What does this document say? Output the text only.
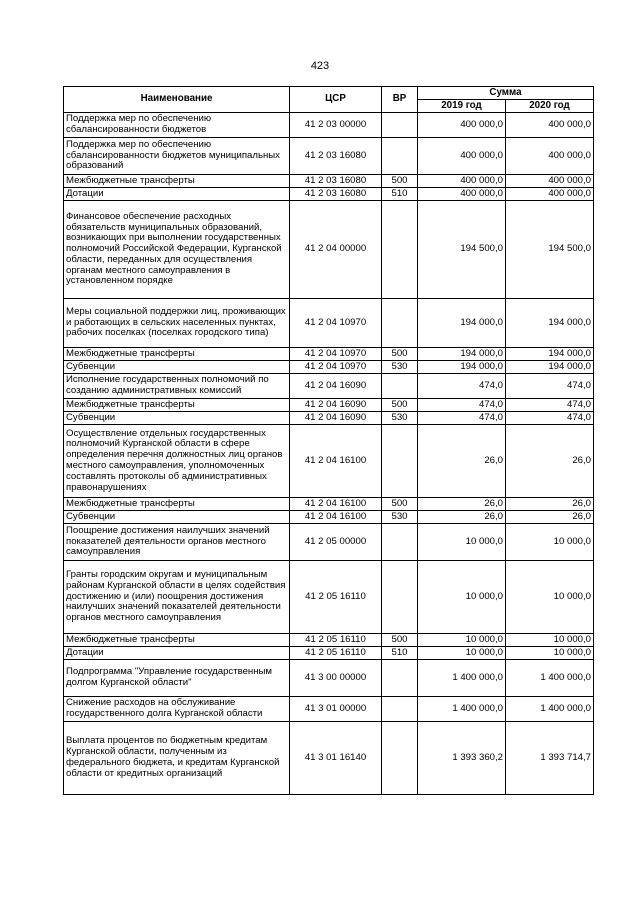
423
Наименование	ЦСР	ВР	Сумма	
			2019 год	2020 год
Поддержка мер по обеспечению сбалансированности бюджетов	41 2 03 00000		400 000,0	400 000,0
Поддержка мер по обеспечению сбалансированности бюджетов муниципальных образований	41 2 03 16080		400 000,0	400 000,0
Межбюджетные трансферты	41 2 03 16080	500	400 000,0	400 000,0
Дотации	41 2 03 16080	510	400 000,0	400 000,0
Финансовое обеспечение расходных обязательств муниципальных образований, возникающих при выполнении государственных полномочий Российской Федерации, Курганской области, переданных для осуществления органам местного самоуправления в установленном порядке	41 2 04 00000		194 500,0	194 500,0
Меры социальной поддержки лиц, проживающих и работающих в сельских населенных пунктах, рабочих поселках (поселках городского типа)	41 2 04 10970		194 000,0	194 000,0
Межбюджетные трансферты	41 2 04 10970	500	194 000,0	194 000,0
Субвенции	41 2 04 10970	530	194 000,0	194 000,0
Исполнение государственных полномочий по созданию административных комиссий	41 2 04 16090		474,0	474,0
Межбюджетные трансферты	41 2 04 16090	500	474,0	474,0
Субвенции	41 2 04 16090	530	474,0	474,0
Осуществление отдельных государственных полномочий Курганской области в сфере определения перечня должностных лиц органов местного самоуправления, уполномоченных составлять протоколы об административных правонарушениях	41 2 04 16100		26,0	26,0
Межбюджетные трансферты	41 2 04 16100	500	26,0	26,0
Субвенции	41 2 04 16100	530	26,0	26,0
Поощрение достижения наилучших значений показателей деятельности органов местного самоуправления	41 2 05 00000		10 000,0	10 000,0
Гранты городским округам и муниципальным районам Курганской области в целях содействия достижению и (или) поощрения достижения наилучших значений показателей деятельности органов местного самоуправления	41 2 05 16110		10 000,0	10 000,0
Межбюджетные трансферты	41 2 05 16110	500	10 000,0	10 000,0
Дотации	41 2 05 16110	510	10 000,0	10 000,0
Подпрограмма "Управление государственным долгом Курганской области"	41 3 00 00000		1 400 000,0	1 400 000,0
Снижение расходов на обслуживание государственного долга Курганской области	41 3 01 00000		1 400 000,0	1 400 000,0
Выплата процентов по бюджетным кредитам Курганской области, полученным из федерального бюджета, и кредитам Курганской области от кредитных организаций	41 3 01 16140		1 393 360,2	1 393 714,7
